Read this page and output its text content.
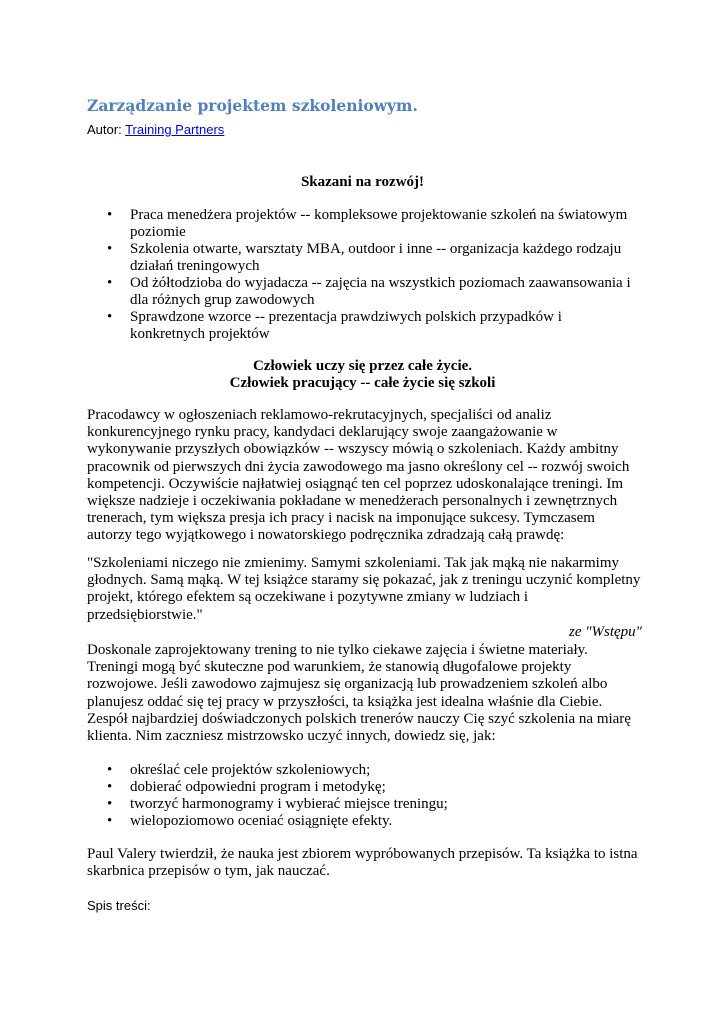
Zarządzanie projektem szkoleniowym.
Autor: Training Partners

Skazani na rozwój!

• Praca menedżera projektów -- kompleksowe projektowanie szkoleń na światowym poziomie
• Szkolenia otwarte, warsztaty MBA, outdoor i inne -- organizacja każdego rodzaju działań treningowych
• Od żółtodzioba do wyjadacza -- zajęcia na wszystkich poziomach zaawansowania i dla różnych grup zawodowych
• Sprawdzone wzorce -- prezentacja prawdziwych polskich przypadków i konkretnych projektów
Człowiek uczy się przez całe życie.
Człowiek pracujący -- całe życie się szkoli

Pracodawcy w ogłoszeniach reklamowo-rekrutacyjnych, specjaliści od analiz konkurencyjnego rynku pracy, kandydaci deklarujący swoje zaangażowanie w wykonywanie przyszłych obowiązków -- wszyscy mówią o szkoleniach. Każdy ambitny pracownik od pierwszych dni życia zawodowego ma jasno określony cel -- rozwój swoich kompetencji. Oczywiście najłatwiej osiągnąć ten cel poprzez udoskonalające treningi. Im większe nadzieje i oczekiwania pokładane w menedżerach personalnych i zewnętrznych trenerach, tym większa presja ich pracy i nacisk na imponujące sukcesy. Tymczasem autorzy tego wyjątkowego i nowatorskiego podręcznika zdradzają całą prawdę:

"Szkoleniami niczego nie zmienimy. Samymi szkoleniami. Tak jak mąką nie nakarmimy głodnych. Samą mąką. W tej książce staramy się pokazać, jak z treningu uczynić kompletny projekt, którego efektem są oczekiwane i pozytywne zmiany w ludziach i przedsiębiorstwie."
ze "Wstępu"

Doskonale zaprojektowany trening to nie tylko ciekawe zajęcia i świetne materiały. Treningi mogą być skuteczne pod warunkiem, że stanowią długofalowe projekty rozwojowe. Jeśli zawodowo zajmujesz się organizacją lub prowadzeniem szkoleń albo planujesz oddać się tej pracy w przyszłości, ta książka jest idealna właśnie dla Ciebie. Zespół najbardziej doświadczonych polskich trenerów nauczy Cię szyć szkolenia na miarę klienta. Nim zaczniesz mistrzowsko uczyć innych, dowiedz się, jak:

• określać cele projektów szkoleniowych;
• dobierać odpowiedni program i metodykę;
• tworzyć harmonogramy i wybierać miejsce treningu;
• wielopoziomowo oceniać osiągnięte efekty.

Paul Valery twierdził, że nauka jest zbiorem wypróbowanych przepisów. Ta książka to istna skarbnica przepisów o tym, jak nauczać.

Spis treści:
